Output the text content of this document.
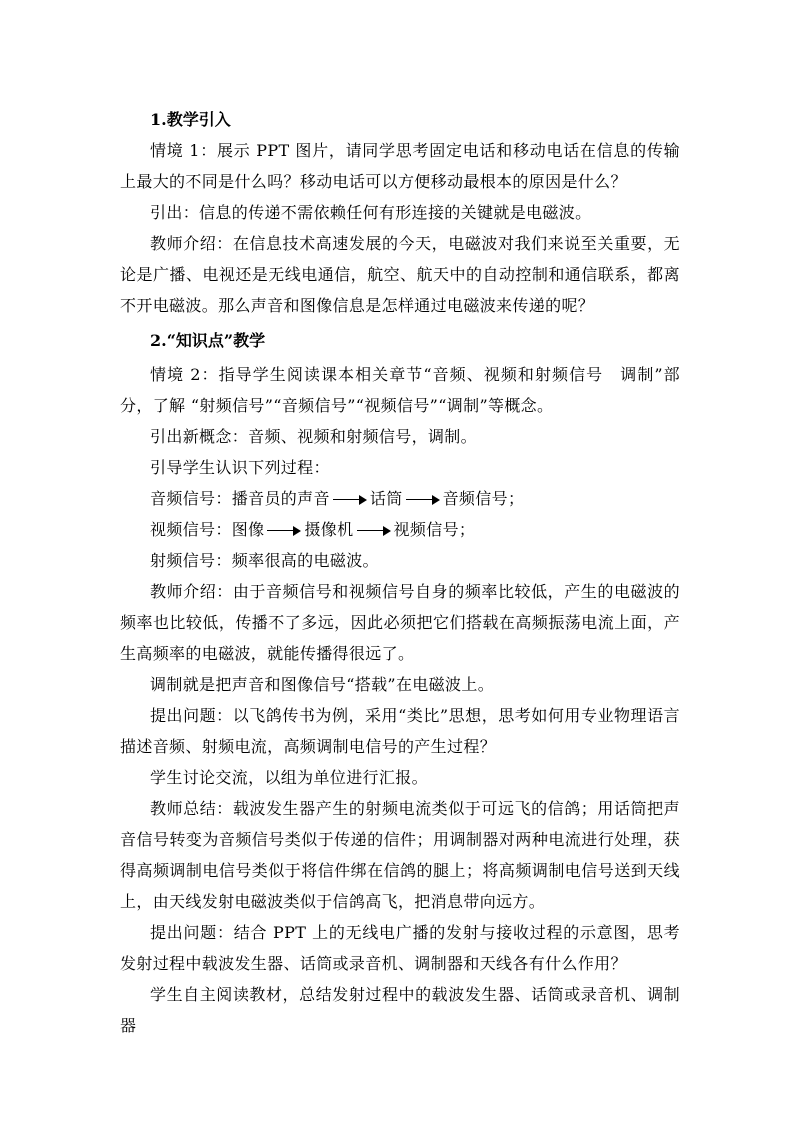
1.教学引入

情境 1：展示 PPT 图片，请同学思考固定电话和移动电话在信息的传输上最大的不同是什么吗？移动电话可以方便移动最根本的原因是什么？

引出：信息的传递不需依赖任何有形连接的关键就是电磁波。

教师介绍：在信息技术高速发展的今天，电磁波对我们来说至关重要，无论是广播、电视还是无线电通信，航空、航天中的自动控制和通信联系，都离不开电磁波。那么声音和图像信息是怎样通过电磁波来传递的呢？

2.“知识点”教学

情境 2：指导学生阅读课本相关章节“音频、视频和射频信号　调制”部分，了解 “射频信号”“音频信号”“视频信号”“调制”等概念。

引出新概念：音频、视频和射频信号，调制。

引导学生认识下列过程：

音频信号：播音员的声音	话筒	音频信号；

视频信号：图像	摄像机	视频信号；

射频信号：频率很高的电磁波。

教师介绍：由于音频信号和视频信号自身的频率比较低，产生的电磁波的频率也比较低，传播不了多远，因此必须把它们搭载在高频振荡电流上面，产生高频率的电磁波，就能传播得很远了。

调制就是把声音和图像信号“搭载”在电磁波上。

提出问题：以飞鸽传书为例，采用“类比”思想，思考如何用专业物理语言描述音频、射频电流，高频调制电信号的产生过程？

学生讨论交流，以组为单位进行汇报。

教师总结：载波发生器产生的射频电流类似于可远飞的信鸽；用话筒把声音信号转变为音频信号类似于传递的信件；用调制器对两种电流进行处理，获得高频调制电信号类似于将信件绑在信鸽的腿上；将高频调制电信号送到天线上，由天线发射电磁波类似于信鸽高飞，把消息带向远方。

提出问题：结合 PPT 上的无线电广播的发射与接收过程的示意图，思考发射过程中载波发生器、话筒或录音机、调制器和天线各有什么作用？

学生自主阅读教材，总结发射过程中的载波发生器、话筒或录音机、调制器
